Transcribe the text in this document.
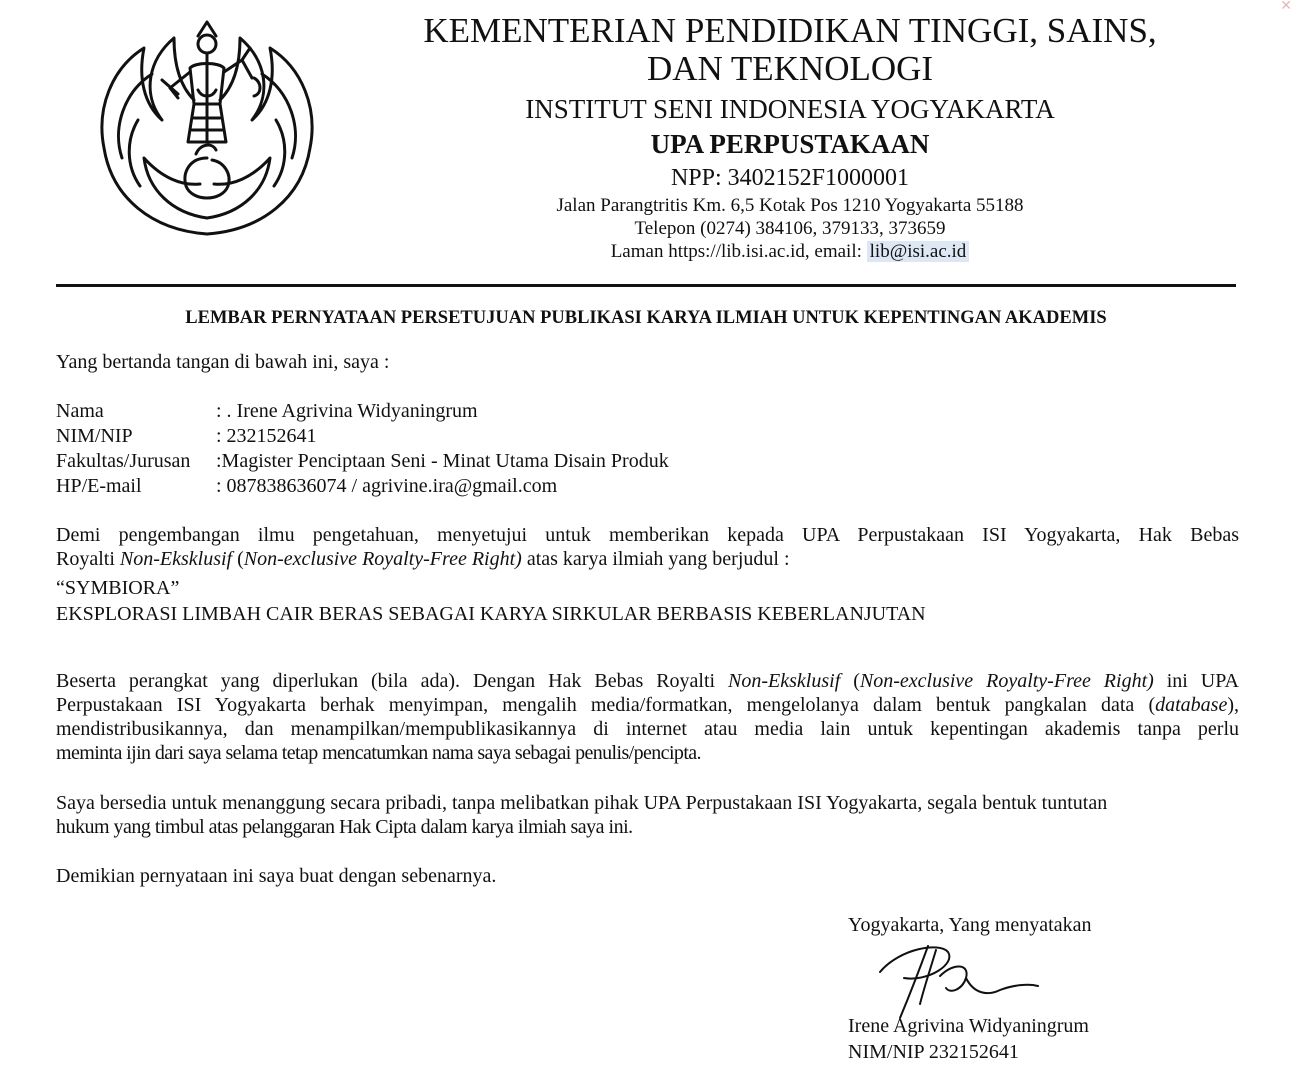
KEMENTERIAN PENDIDIKAN TINGGI, SAINS,
DAN TEKNOLOGI
INSTITUT SENI INDONESIA YOGYAKARTA
UPA PERPUSTAKAAN
NPP: 3402152F1000001
Jalan Parangtritis Km. 6,5 Kotak Pos 1210 Yogyakarta 55188
Telepon (0274) 384106, 379133, 373659
Laman https://lib.isi.ac.id, email: lib@isi.ac.id
LEMBAR PERNYATAAN PERSETUJUAN PUBLIKASI KARYA ILMIAH UNTUK KEPENTINGAN AKADEMIS
Yang bertanda tangan di bawah ini, saya :
Nama	: . Irene Agrivina Widyaningrum
NIM/NIP	: 232152641
Fakultas/Jurusan :Magister Penciptaan Seni - Minat Utama Disain Produk
HP/E-mail	: 087838636074 / agrivine.ira@gmail.com
Demi pengembangan ilmu pengetahuan, menyetujui untuk memberikan kepada UPA Perpustakaan ISI Yogyakarta, Hak Bebas
Royalti Non-Eksklusif (Non-exclusive Royalty-Free Right) atas karya ilmiah yang berjudul :
“SYMBIORA”
EKSPLORASI LIMBAH CAIR BERAS SEBAGAI KARYA SIRKULAR BERBASIS KEBERLANJUTAN
Beserta perangkat yang diperlukan (bila ada). Dengan Hak Bebas Royalti Non-Eksklusif (Non-exclusive Royalty-Free Right) ini UPA
Perpustakaan ISI Yogyakarta berhak menyimpan, mengalih media/formatkan, mengelolanya dalam bentuk pangkalan data (database),
mendistribusikannya, dan menampilkan/mempublikasikannya di internet atau media lain untuk kepentingan akademis tanpa perlu
meminta ijin dari saya selama tetap mencatumkan nama saya sebagai penulis/pencipta.
Saya bersedia untuk menanggung secara pribadi, tanpa melibatkan pihak UPA Perpustakaan ISI Yogyakarta, segala bentuk tuntutan
hukum yang timbul atas pelanggaran Hak Cipta dalam karya ilmiah saya ini.
Demikian pernyataan ini saya buat dengan sebenarnya.
Yogyakarta, Yang menyatakan
Irene Agrivina Widyaningrum
NIM/NIP 232152641
✕
